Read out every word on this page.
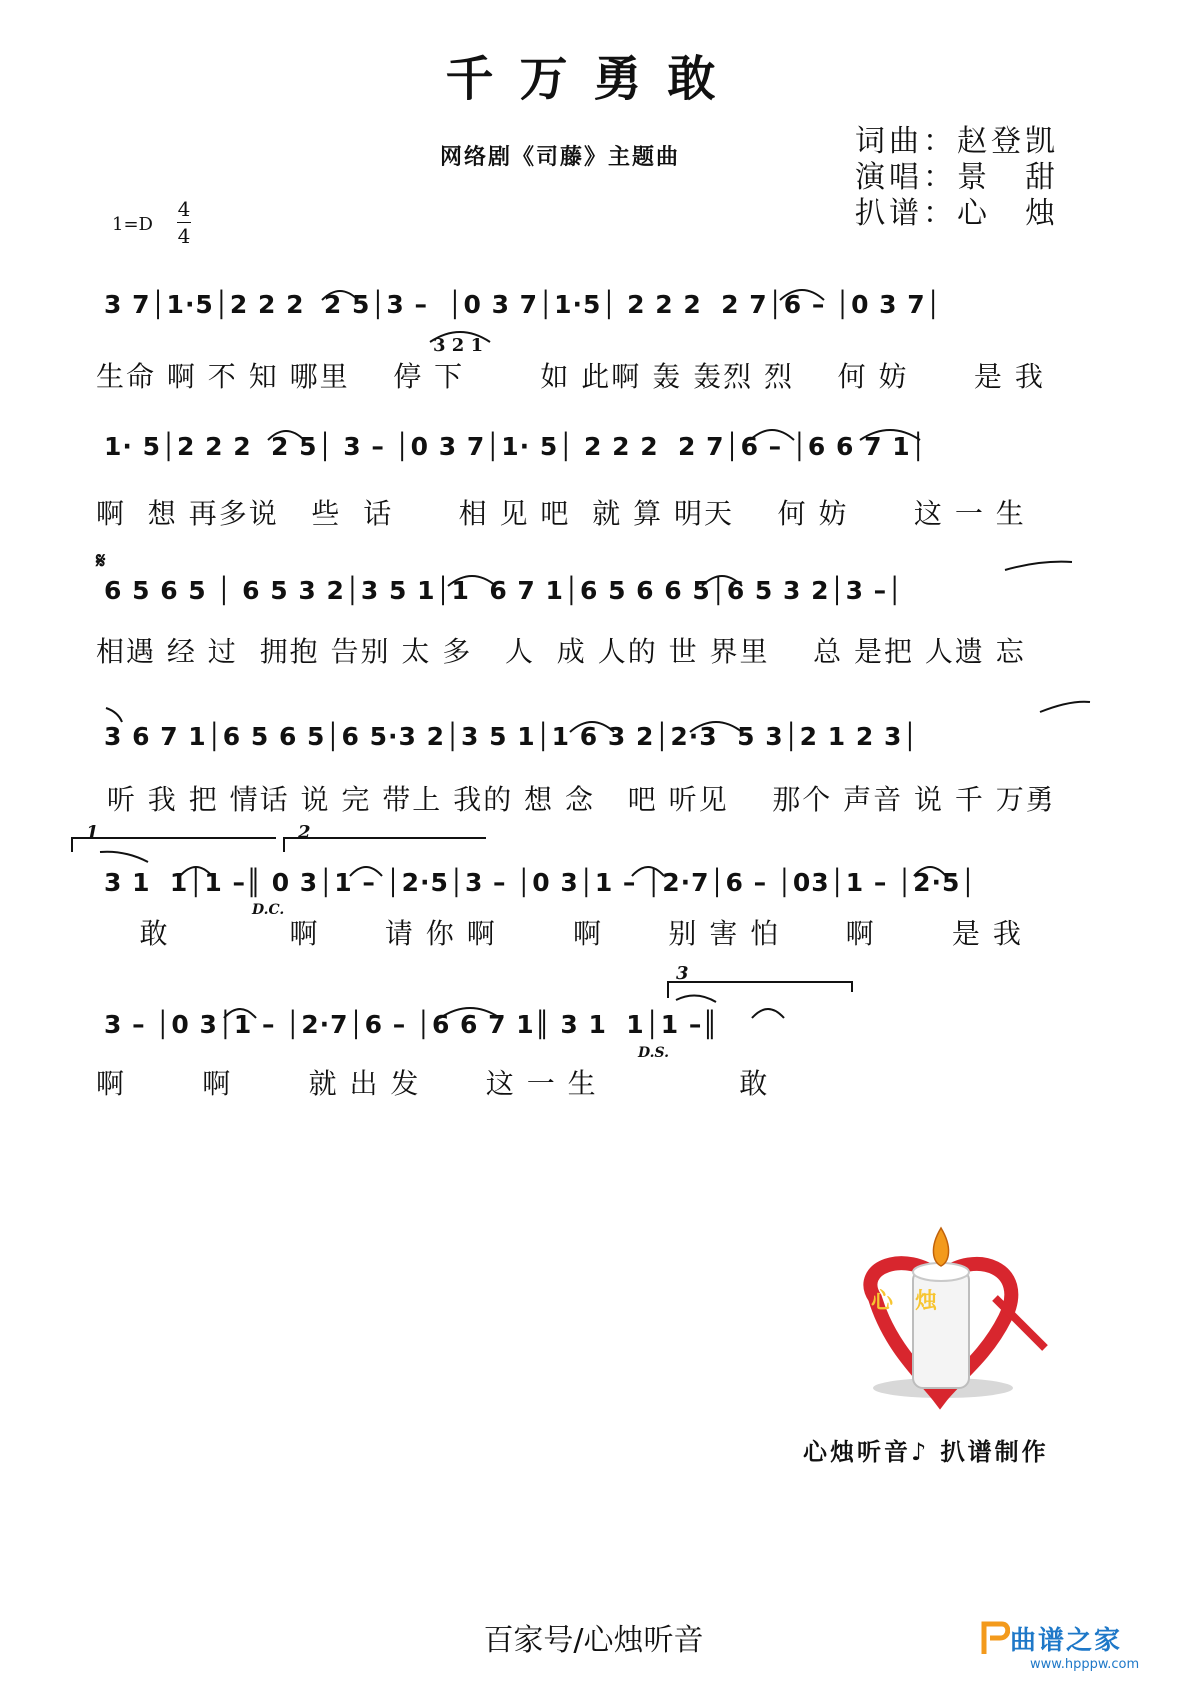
千万勇敢
网络剧《司藤》主题曲	词曲：赵登凯
演唱：景　甜
扒谱：心　烛
1=D
4
4
3 7│1·5│2 2 2  2 5│3 –  │0 3 7│1·5│ 2 2 2  2 7│6 – │0 3 7│
3 2 1
生命 啊 不 知 哪里    停 下       如 此啊 轰 轰烈 烈    何 妨      是 我
1· 5│2 2 2  2 5│ 3 – │0 3 7│1· 5│ 2 2 2  2 7│6 – │6 6 7 1│
啊  想 再多说   些  话      相 见 吧  就 算 明天    何 妨      这 一 生
𝄋
6 5 6 5 │ 6 5 3 2│3 5 1│1  6 7 1│6 5 6 6 5│6 5 3 2│3 –│
相遇 经 过  拥抱 告别 太 多   人  成 人的 世 界里    总 是把 人遗 忘
3 6 7 1│6 5 6 5│6 5·3 2│3 5 1│1 6 3 2│2·3  5 3│2 1 2 3│
听 我 把 情话 说 完 带上 我的 想 念   吧 听见    那个 声音 说 千 万勇
1	2
3 1  1│1 –║ 0 3│1 – │2·5│3 – │0 3│1 – │2·7│6 – │03│1 – │2·5│
D.C.
敢           啊      请 你 啊       啊      别 害 怕      啊       是 我
3
3 – │0 3│1 – │2·7│6 – │6 6 7 1║ 3 1  1│1 –║
D.S.
啊       啊       就 出 发      这 一 生             敢
心　烛
心烛听音♪ 扒谱制作
百家号/心烛听音	曲谱之家
www.hpppw.com
